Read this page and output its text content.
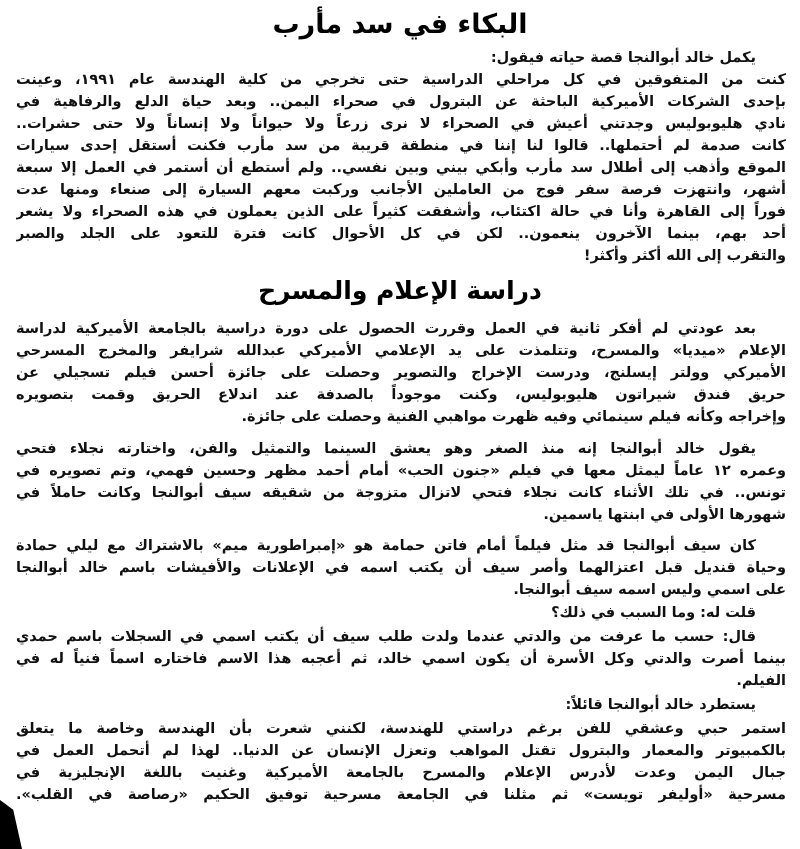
البكاء في سد مأرب
يكمل خالد أبوالنجا قصة حياته فيقول:
كنت من المتفوقين في كل مراحلي الدراسية حتى تخرجي من كلية الهندسة عام ١٩٩١، وعينت
بإحدى الشركات الأميركية الباحثة عن البترول في صحراء اليمن.. وبعد حياة الدلع والرفاهية في
نادي هليوبوليس وجدتني أعيش في الصحراء لا نرى زرعاً ولا حيواناً ولا إنساناً ولا حتى حشرات..
كانت صدمة لم أحتملها.. قالوا لنا إننا في منطقة قريبة من سد مأرب فكنت أستقل إحدى سيارات
الموقع وأذهب إلى أطلال سد مأرب وأبكي بيني وبين نفسي.. ولم أستطع أن أستمر في العمل إلا سبعة
أشهر، وانتهزت فرصة سفر فوج من العاملين الأجانب وركبت معهم السيارة إلى صنعاء ومنها عدت
فوراً إلى القاهرة وأنا في حالة اكتئاب، وأشفقت كثيراً على الذين يعملون في هذه الصحراء ولا يشعر
أحد بهم، بينما الآخرون ينعمون.. لكن في كل الأحوال كانت فترة للتعود على الجلد والصبر
والتقرب إلى الله أكثر وأكثر!
دراسة الإعلام والمسرح
بعد عودتي لم أفكر ثانية في العمل وقررت الحصول على دورة دراسية بالجامعة الأميركية لدراسة
الإعلام «ميديا» والمسرح، وتتلمذت على يد الإعلامي الأميركي عبدالله شرايفر والمخرج المسرحي
الأميركي وولتر إيسلنج، ودرست الإخراج والتصوير وحصلت على جائزة أحسن فيلم تسجيلي عن
حريق فندق شيراتون هليوبوليس، وكنت موجوداً بالصدفة عند اندلاع الحريق وقمت بتصويره
وإخراجه وكأنه فيلم سينمائي وفيه ظهرت مواهبي الفنية وحصلت على جائزة.
يقول خالد أبوالنجا إنه منذ الصغر وهو يعشق السينما والتمثيل والفن، واختارته نجلاء فتحي
وعمره ١٢ عاماً ليمثل معها في فيلم «جنون الحب» أمام أحمد مظهر وحسين فهمي، وتم تصويره في
تونس.. في تلك الأثناء كانت نجلاء فتحي لاتزال متزوجة من شقيقه سيف أبوالنجا وكانت حاملاً في
شهورها الأولى في ابنتها ياسمين.
كان سيف أبوالنجا قد مثل فيلماً أمام فاتن حمامة هو «إمبراطورية ميم» بالاشتراك مع ليلي حمادة
وحياة قنديل قبل اعتزالهما وأصر سيف أن يكتب اسمه في الإعلانات والأفيشات باسم خالد أبوالنجا
على اسمي وليس اسمه سيف أبوالنجا.
قلت له: وما السبب في ذلك؟
قال: حسب ما عرفت من والدتي عندما ولدت طلب سيف أن يكتب اسمي في السجلات باسم حمدي
بينما أصرت والدتي وكل الأسرة أن يكون اسمي خالد، ثم أعجبه هذا الاسم فاختاره اسماً فنياً له في
الفيلم.
يستطرد خالد أبوالنجا قائلاً:
استمر حبي وعشقي للفن برغم دراستي للهندسة، لكنني شعرت بأن الهندسة وخاصة ما يتعلق
بالكمبيوتر والمعمار والبترول تقتل المواهب وتعزل الإنسان عن الدنيا.. لهذا لم أتحمل العمل في
جبال اليمن وعدت لأدرس الإعلام والمسرح بالجامعة الأميركية وغنيت باللغة الإنجليزية في
مسرحية «أوليفر تويست» ثم مثلنا في الجامعة مسرحية توفيق الحكيم «رصاصة في القلب».
